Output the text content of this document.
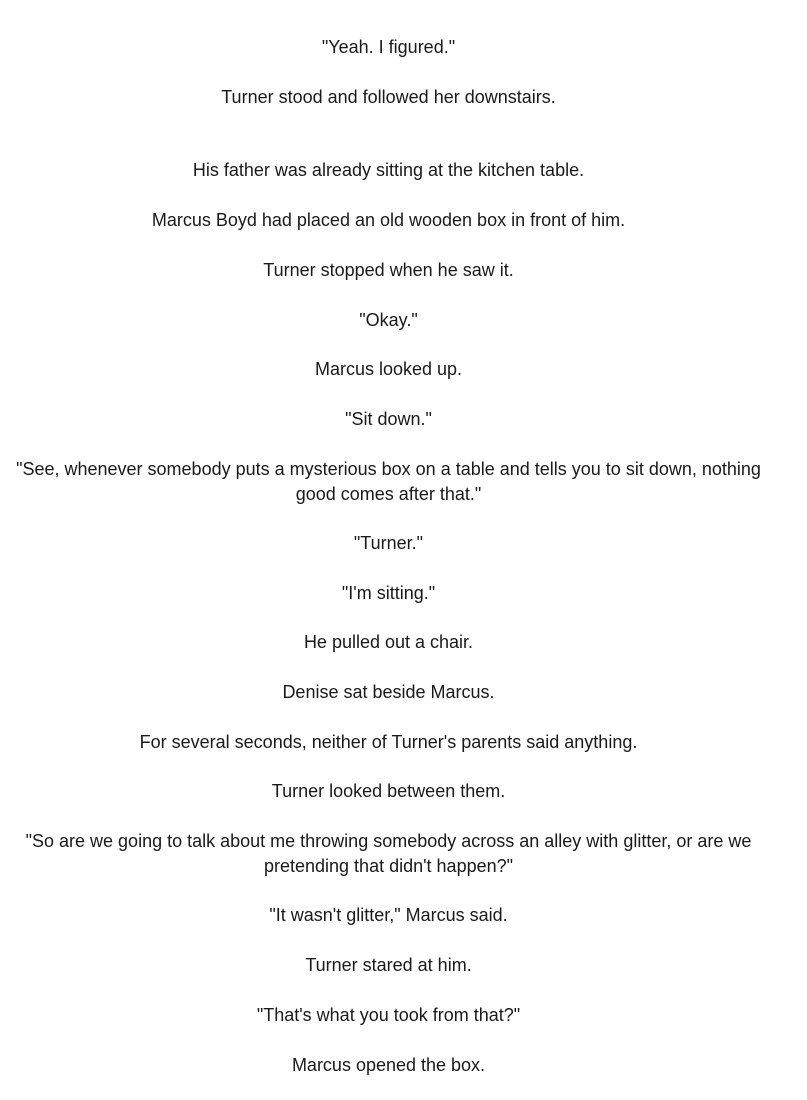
"Yeah. I figured."

Turner stood and followed her downstairs.

His father was already sitting at the kitchen table.

Marcus Boyd had placed an old wooden box in front of him.

Turner stopped when he saw it.

"Okay."

Marcus looked up.

"Sit down."

"See, whenever somebody puts a mysterious box on a table and tells you to sit down, nothing good comes after that."

"Turner."

"I'm sitting."

He pulled out a chair.

Denise sat beside Marcus.

For several seconds, neither of Turner's parents said anything.

Turner looked between them.

"So are we going to talk about me throwing somebody across an alley with glitter, or are we pretending that didn't happen?"

"It wasn't glitter," Marcus said.

Turner stared at him.

"That's what you took from that?"

Marcus opened the box.
